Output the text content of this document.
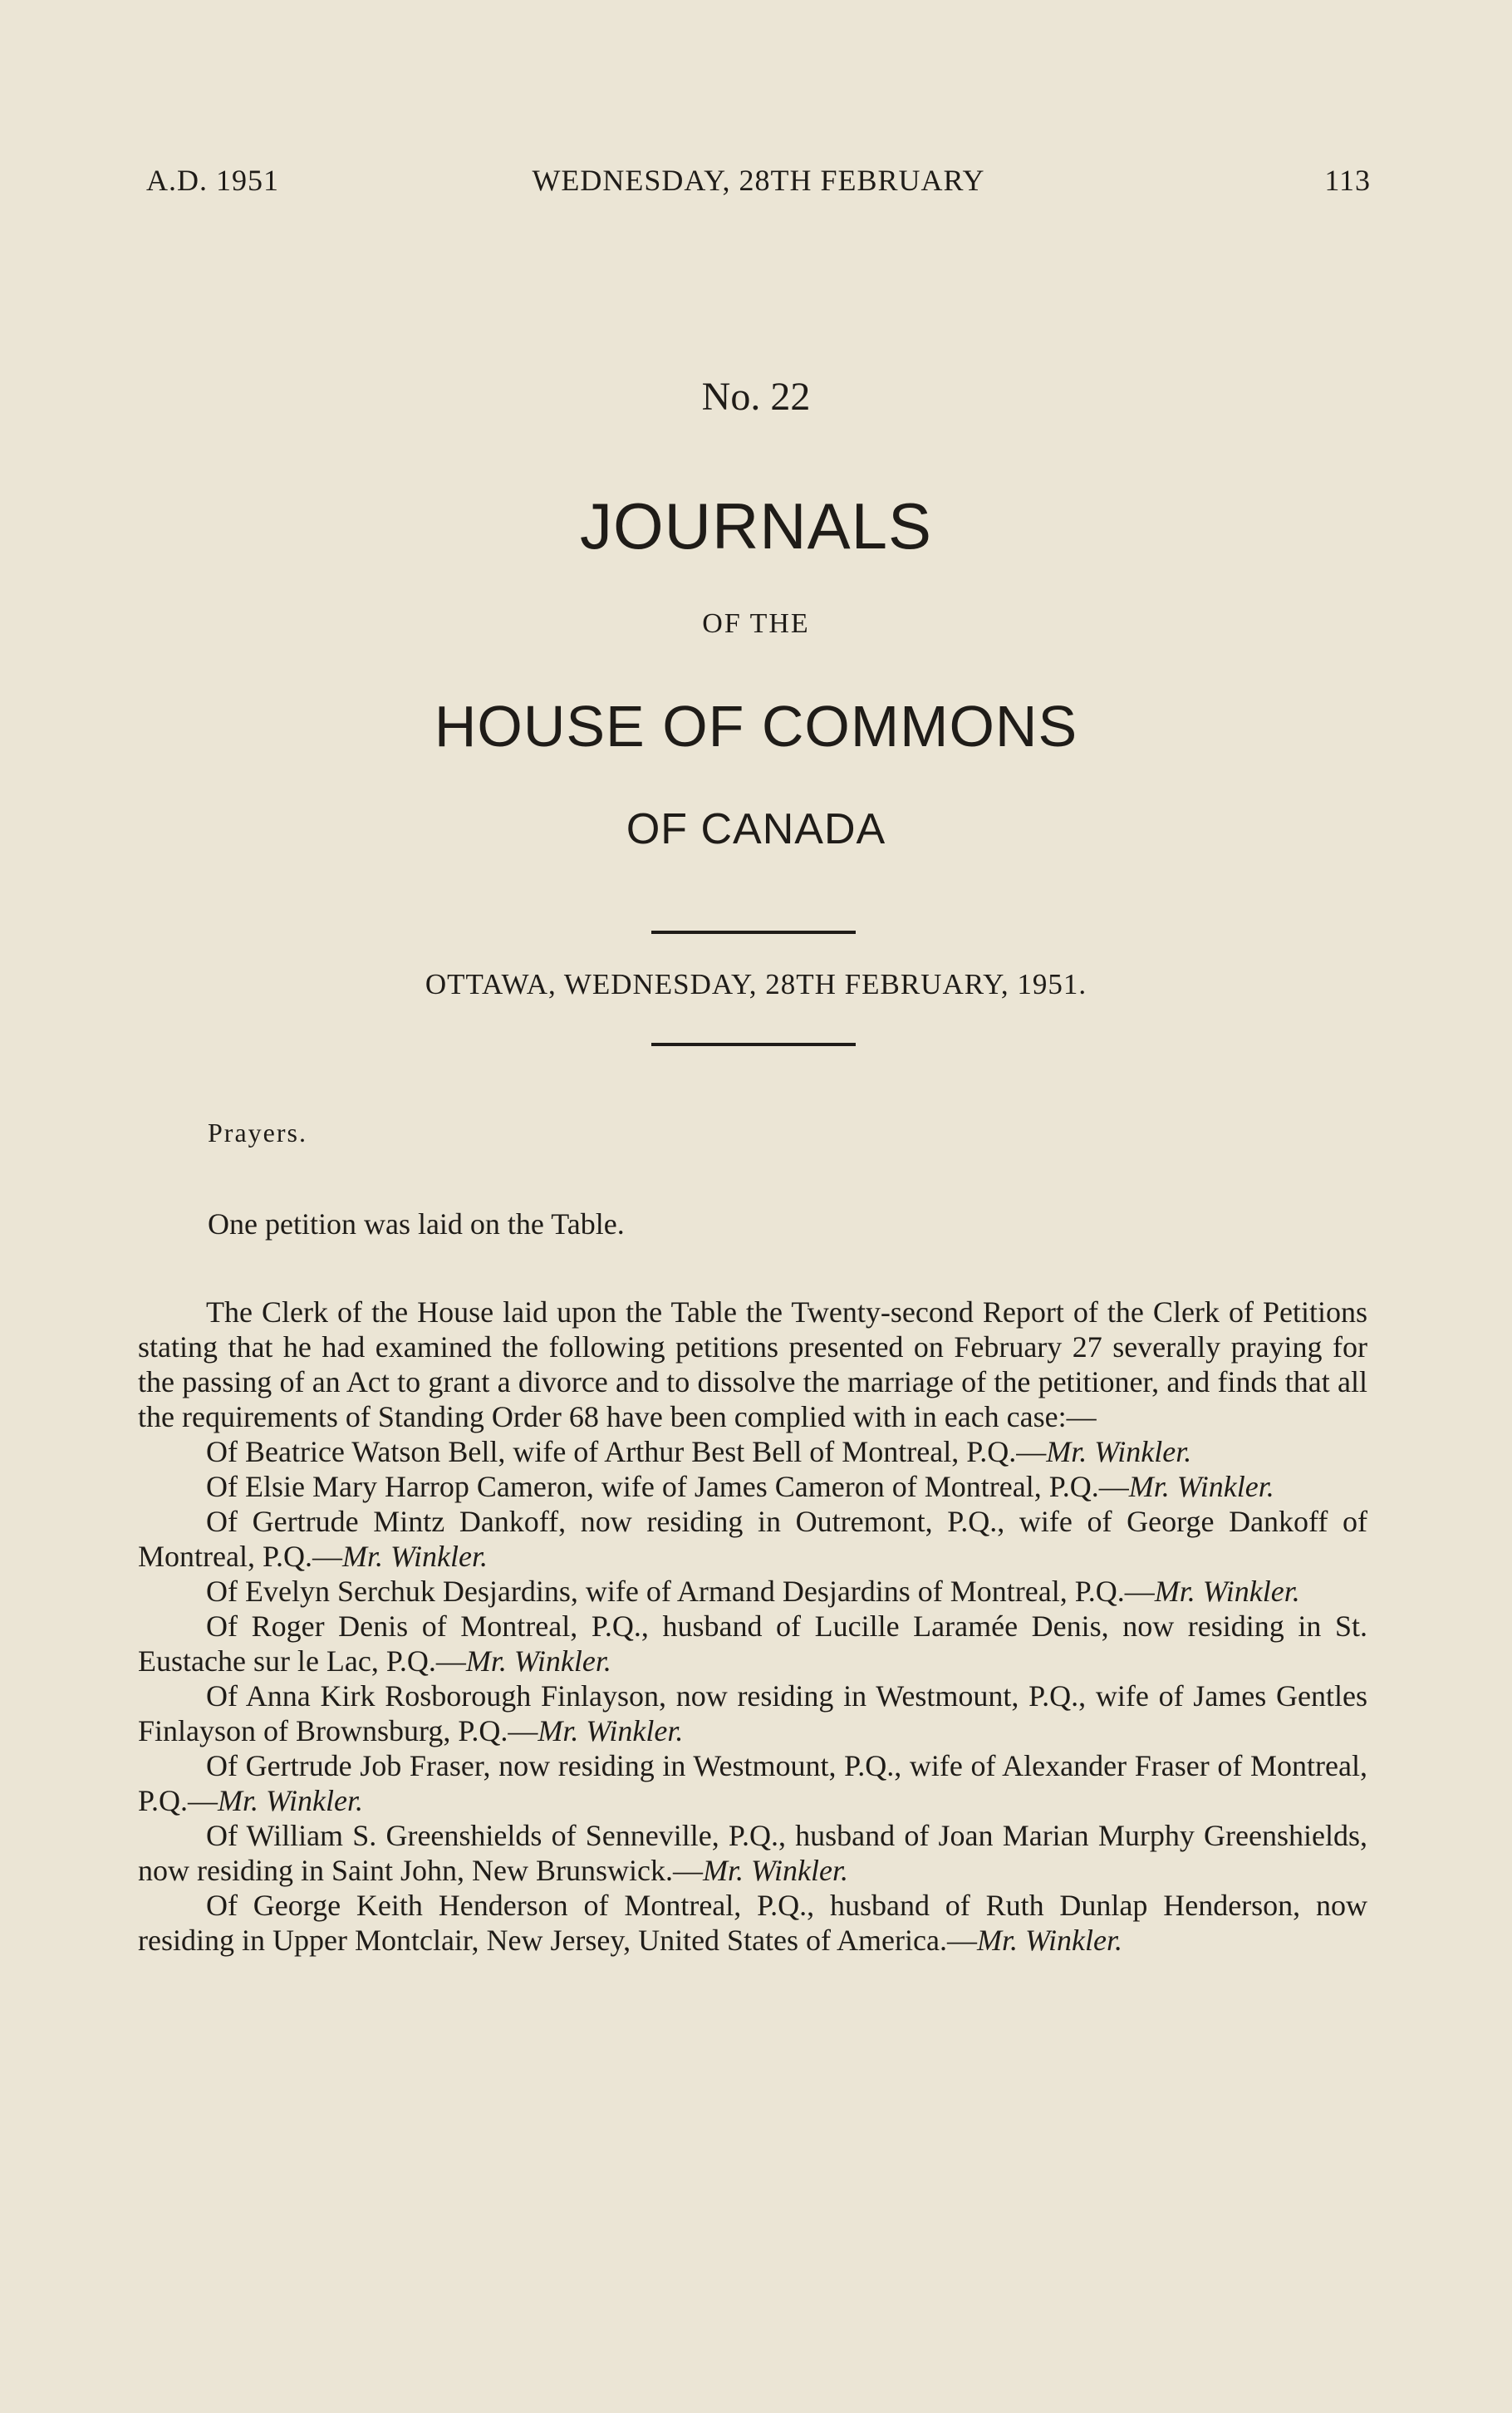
A.D. 1951	WEDNESDAY, 28TH FEBRUARY	113
No. 22
JOURNALS
OF THE
HOUSE OF COMMONS
OF CANADA
OTTAWA, WEDNESDAY, 28TH FEBRUARY, 1951.
Prayers.
One petition was laid on the Table.

The Clerk of the House laid upon the Table the Twenty-second Report of the Clerk of Petitions stating that he had examined the following petitions presented on February 27 severally praying for the passing of an Act to grant a divorce and to dissolve the marriage of the petitioner, and finds that all the requirements of Standing Order 68 have been complied with in each case:—

Of Beatrice Watson Bell, wife of Arthur Best Bell of Montreal, P.Q.—Mr. Winkler.

Of Elsie Mary Harrop Cameron, wife of James Cameron of Montreal, P.Q.—Mr. Winkler.

Of Gertrude Mintz Dankoff, now residing in Outremont, P.Q., wife of George Dankoff of Montreal, P.Q.—Mr. Winkler.

Of Evelyn Serchuk Desjardins, wife of Armand Desjardins of Montreal, P.Q.—Mr. Winkler.

Of Roger Denis of Montreal, P.Q., husband of Lucille Laramée Denis, now residing in St. Eustache sur le Lac, P.Q.—Mr. Winkler.

Of Anna Kirk Rosborough Finlayson, now residing in Westmount, P.Q., wife of James Gentles Finlayson of Brownsburg, P.Q.—Mr. Winkler.

Of Gertrude Job Fraser, now residing in Westmount, P.Q., wife of Alexander Fraser of Montreal, P.Q.—Mr. Winkler.

Of William S. Greenshields of Senneville, P.Q., husband of Joan Marian Murphy Greenshields, now residing in Saint John, New Brunswick.—Mr. Winkler.

Of George Keith Henderson of Montreal, P.Q., husband of Ruth Dunlap Henderson, now residing in Upper Montclair, New Jersey, United States of America.—Mr. Winkler.
